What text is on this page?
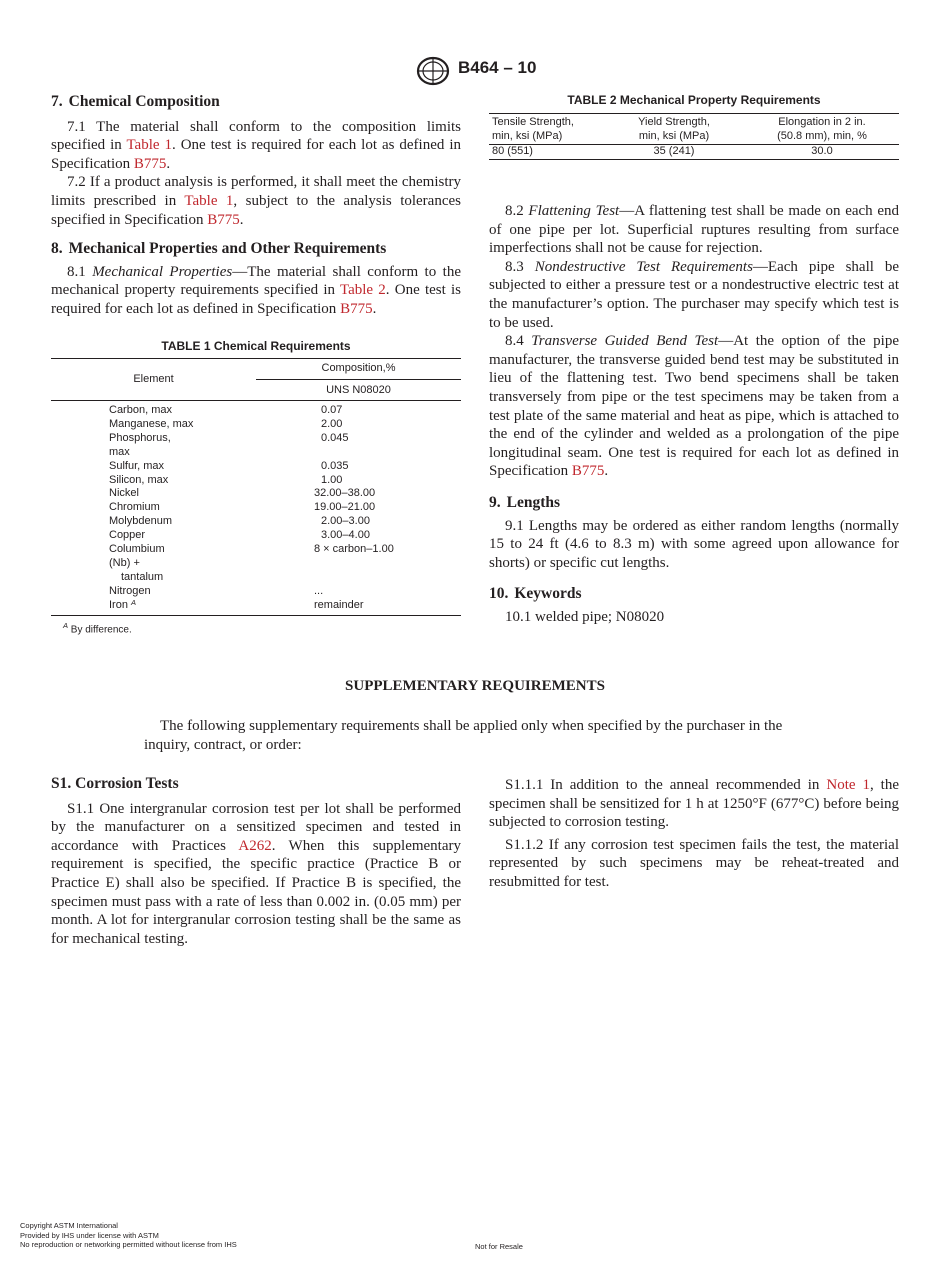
B464 – 10
7. Chemical Composition

7.1 The material shall conform to the composition limits specified in Table 1. One test is required for each lot as defined in Specification B775.

7.2 If a product analysis is performed, it shall meet the chemistry limits prescribed in Table 1, subject to the analysis tolerances specified in Specification B775.

8. Mechanical Properties and Other Requirements

8.1 Mechanical Properties—The material shall conform to the mechanical property requirements specified in Table 2. One test is required for each lot as defined in Specification B775.

TABLE 1 Chemical Requirements
Element
Composition,%
UNS N08020
Carbon, max	0.07
Manganese, max	2.00
Phosphorus,	0.045
max
Sulfur, max	0.035
Silicon, max	1.00
Nickel	32.00–38.00
Chromium	19.00–21.00
Molybdenum	2.00–3.00
Copper	3.00–4.00
Columbium	8 × carbon–1.00
(Nb) +
tantalum
Nitrogen	...
Iron A	remainder
$^A$ By difference.
TABLE 2 Mechanical Property Requirements
Tensile Strength,
min, ksi (MPa)
Yield Strength,
min, ksi (MPa)
Elongation in 2 in.
(50.8 mm), min, %
80 (551)	35 (241)	30.0

8.2 Flattening Test—A flattening test shall be made on each end of one pipe per lot. Superficial ruptures resulting from surface imperfections shall not be cause for rejection.

8.3 Nondestructive Test Requirements—Each pipe shall be subjected to either a pressure test or a nondestructive electric test at the manufacturer’s option. The purchaser may specify which test is to be used.

8.4 Transverse Guided Bend Test—At the option of the pipe manufacturer, the transverse guided bend test may be substituted in lieu of the flattening test. Two bend specimens shall be taken transversely from pipe or the test specimens may be taken from a test plate of the same material and heat as pipe, which is attached to the end of the cylinder and welded as a prolongation of the pipe longitudinal seam. One test is required for each lot as defined in Specification B775.

9. Lengths

9.1 Lengths may be ordered as either random lengths (normally 15 to 24 ft (4.6 to 8.3 m) with some agreed upon allowance for shorts) or specific cut lengths.

10. Keywords

10.1 welded pipe; N08020

SUPPLEMENTARY REQUIREMENTS
The following supplementary requirements shall be applied only when specified by the purchaser in the inquiry, contract, or order:
S1. Corrosion Tests

S1.1 One intergranular corrosion test per lot shall be performed by the manufacturer on a sensitized specimen and tested in accordance with Practices A262. When this supplementary requirement is specified, the specific practice (Practice B or Practice E) shall also be specified. If Practice B is specified, the specimen must pass with a rate of less than 0.002 in. (0.05 mm) per month. A lot for intergranular corrosion testing shall be the same as for mechanical testing.

S1.1.1 In addition to the anneal recommended in Note 1, the specimen shall be sensitized for 1 h at 1250°F (677°C) before being subjected to corrosion testing.

S1.1.2 If any corrosion test specimen fails the test, the material represented by such specimens may be reheat-treated and resubmitted for test.

Copyright ASTM International
Provided by IHS under license with ASTM
No reproduction or networking permitted without license from IHS	Not for Resale
